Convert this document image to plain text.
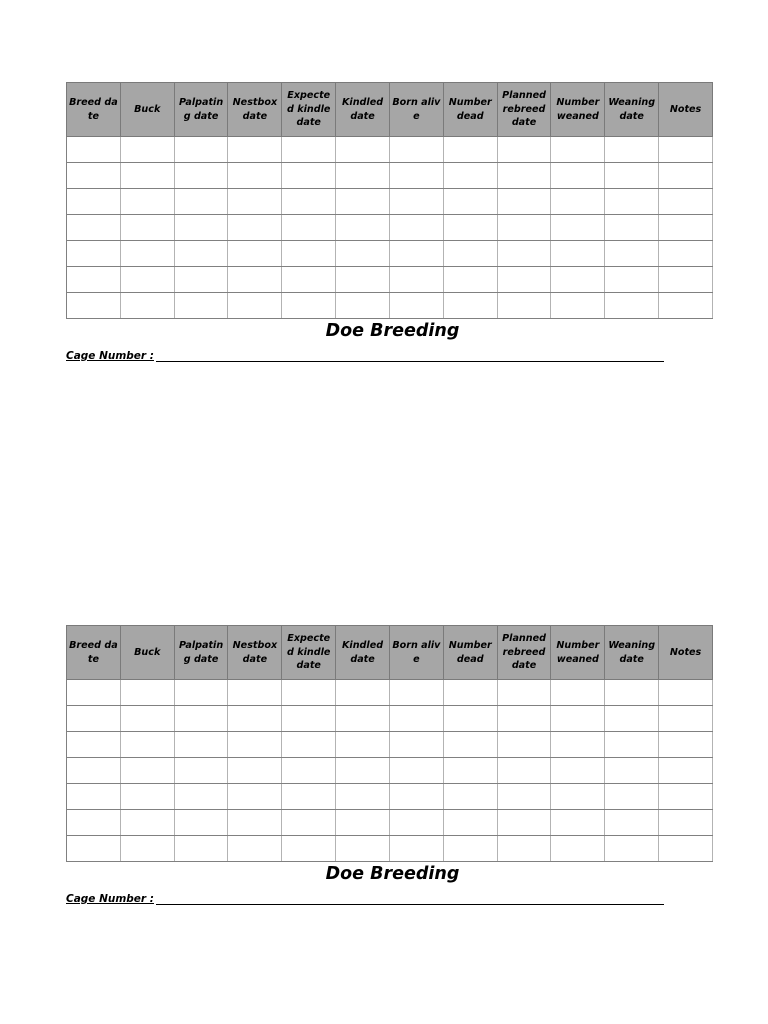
Breed date	Buck	Palpating date	Nestbox date	Expected kindle date	Kindled date	Born alive	Number dead	Planned rebreed date	Number weaned	Weaning date	Notes

Doe Breeding
Cage Number :
Breed date	Buck	Palpating date	Nestbox date	Expected kindle date	Kindled date	Born alive	Number dead	Planned rebreed date	Number weaned	Weaning date	Notes

Doe Breeding
Cage Number :
